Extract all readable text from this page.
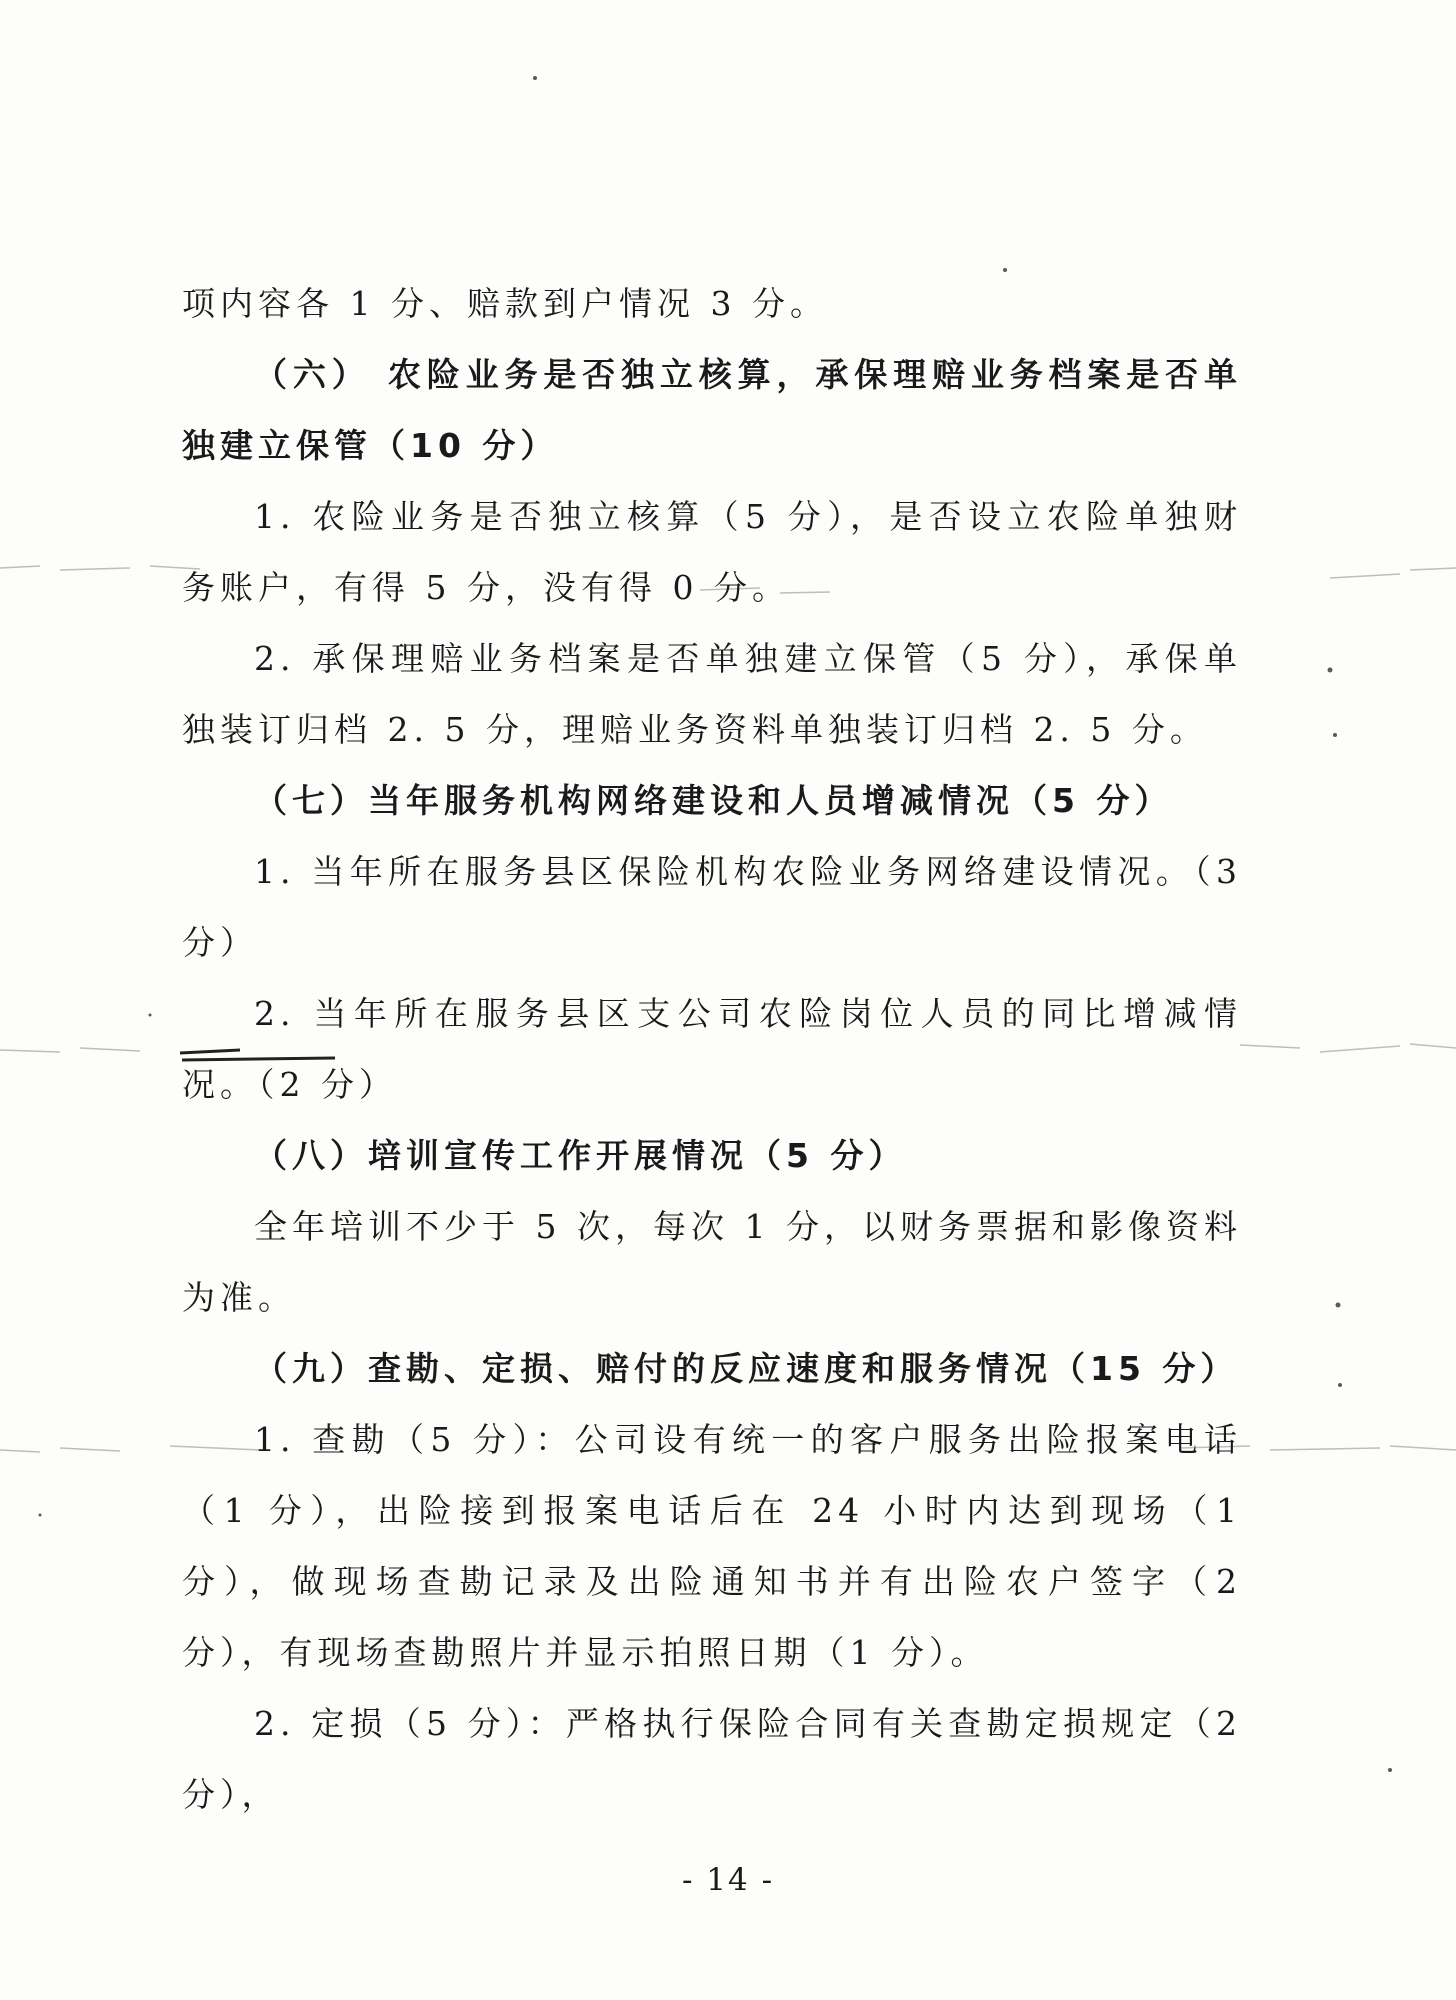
项内容各 1 分、赔款到户情况 3 分。

（六） 农险业务是否独立核算，承保理赔业务档案是否单独建立保管（10 分）

1. 农险业务是否独立核算（5 分），是否设立农险单独财务账户，有得 5 分，没有得 0 分。

2. 承保理赔业务档案是否单独建立保管（5 分），承保单独装订归档 2. 5 分，理赔业务资料单独装订归档 2. 5 分。

（七）当年服务机构网络建设和人员增减情况（5 分）

1. 当年所在服务县区保险机构农险业务网络建设情况。（3 分）

2. 当年所在服务县区支公司农险岗位人员的同比增减情况。（2 分）

（八）培训宣传工作开展情况（5 分）

全年培训不少于 5 次，每次 1 分，以财务票据和影像资料为准。

（九）查勘、定损、赔付的反应速度和服务情况（15 分）

1. 查勘（5 分）：公司设有统一的客户服务出险报案电话（1 分），出险接到报案电话后在 24 小时内达到现场（1 分），做现场查勘记录及出险通知书并有出险农户签字（2 分），有现场查勘照片并显示拍照日期（1 分）。

2. 定损（5 分）：严格执行保险合同有关查勘定损规定（2 分），

- 14 -
